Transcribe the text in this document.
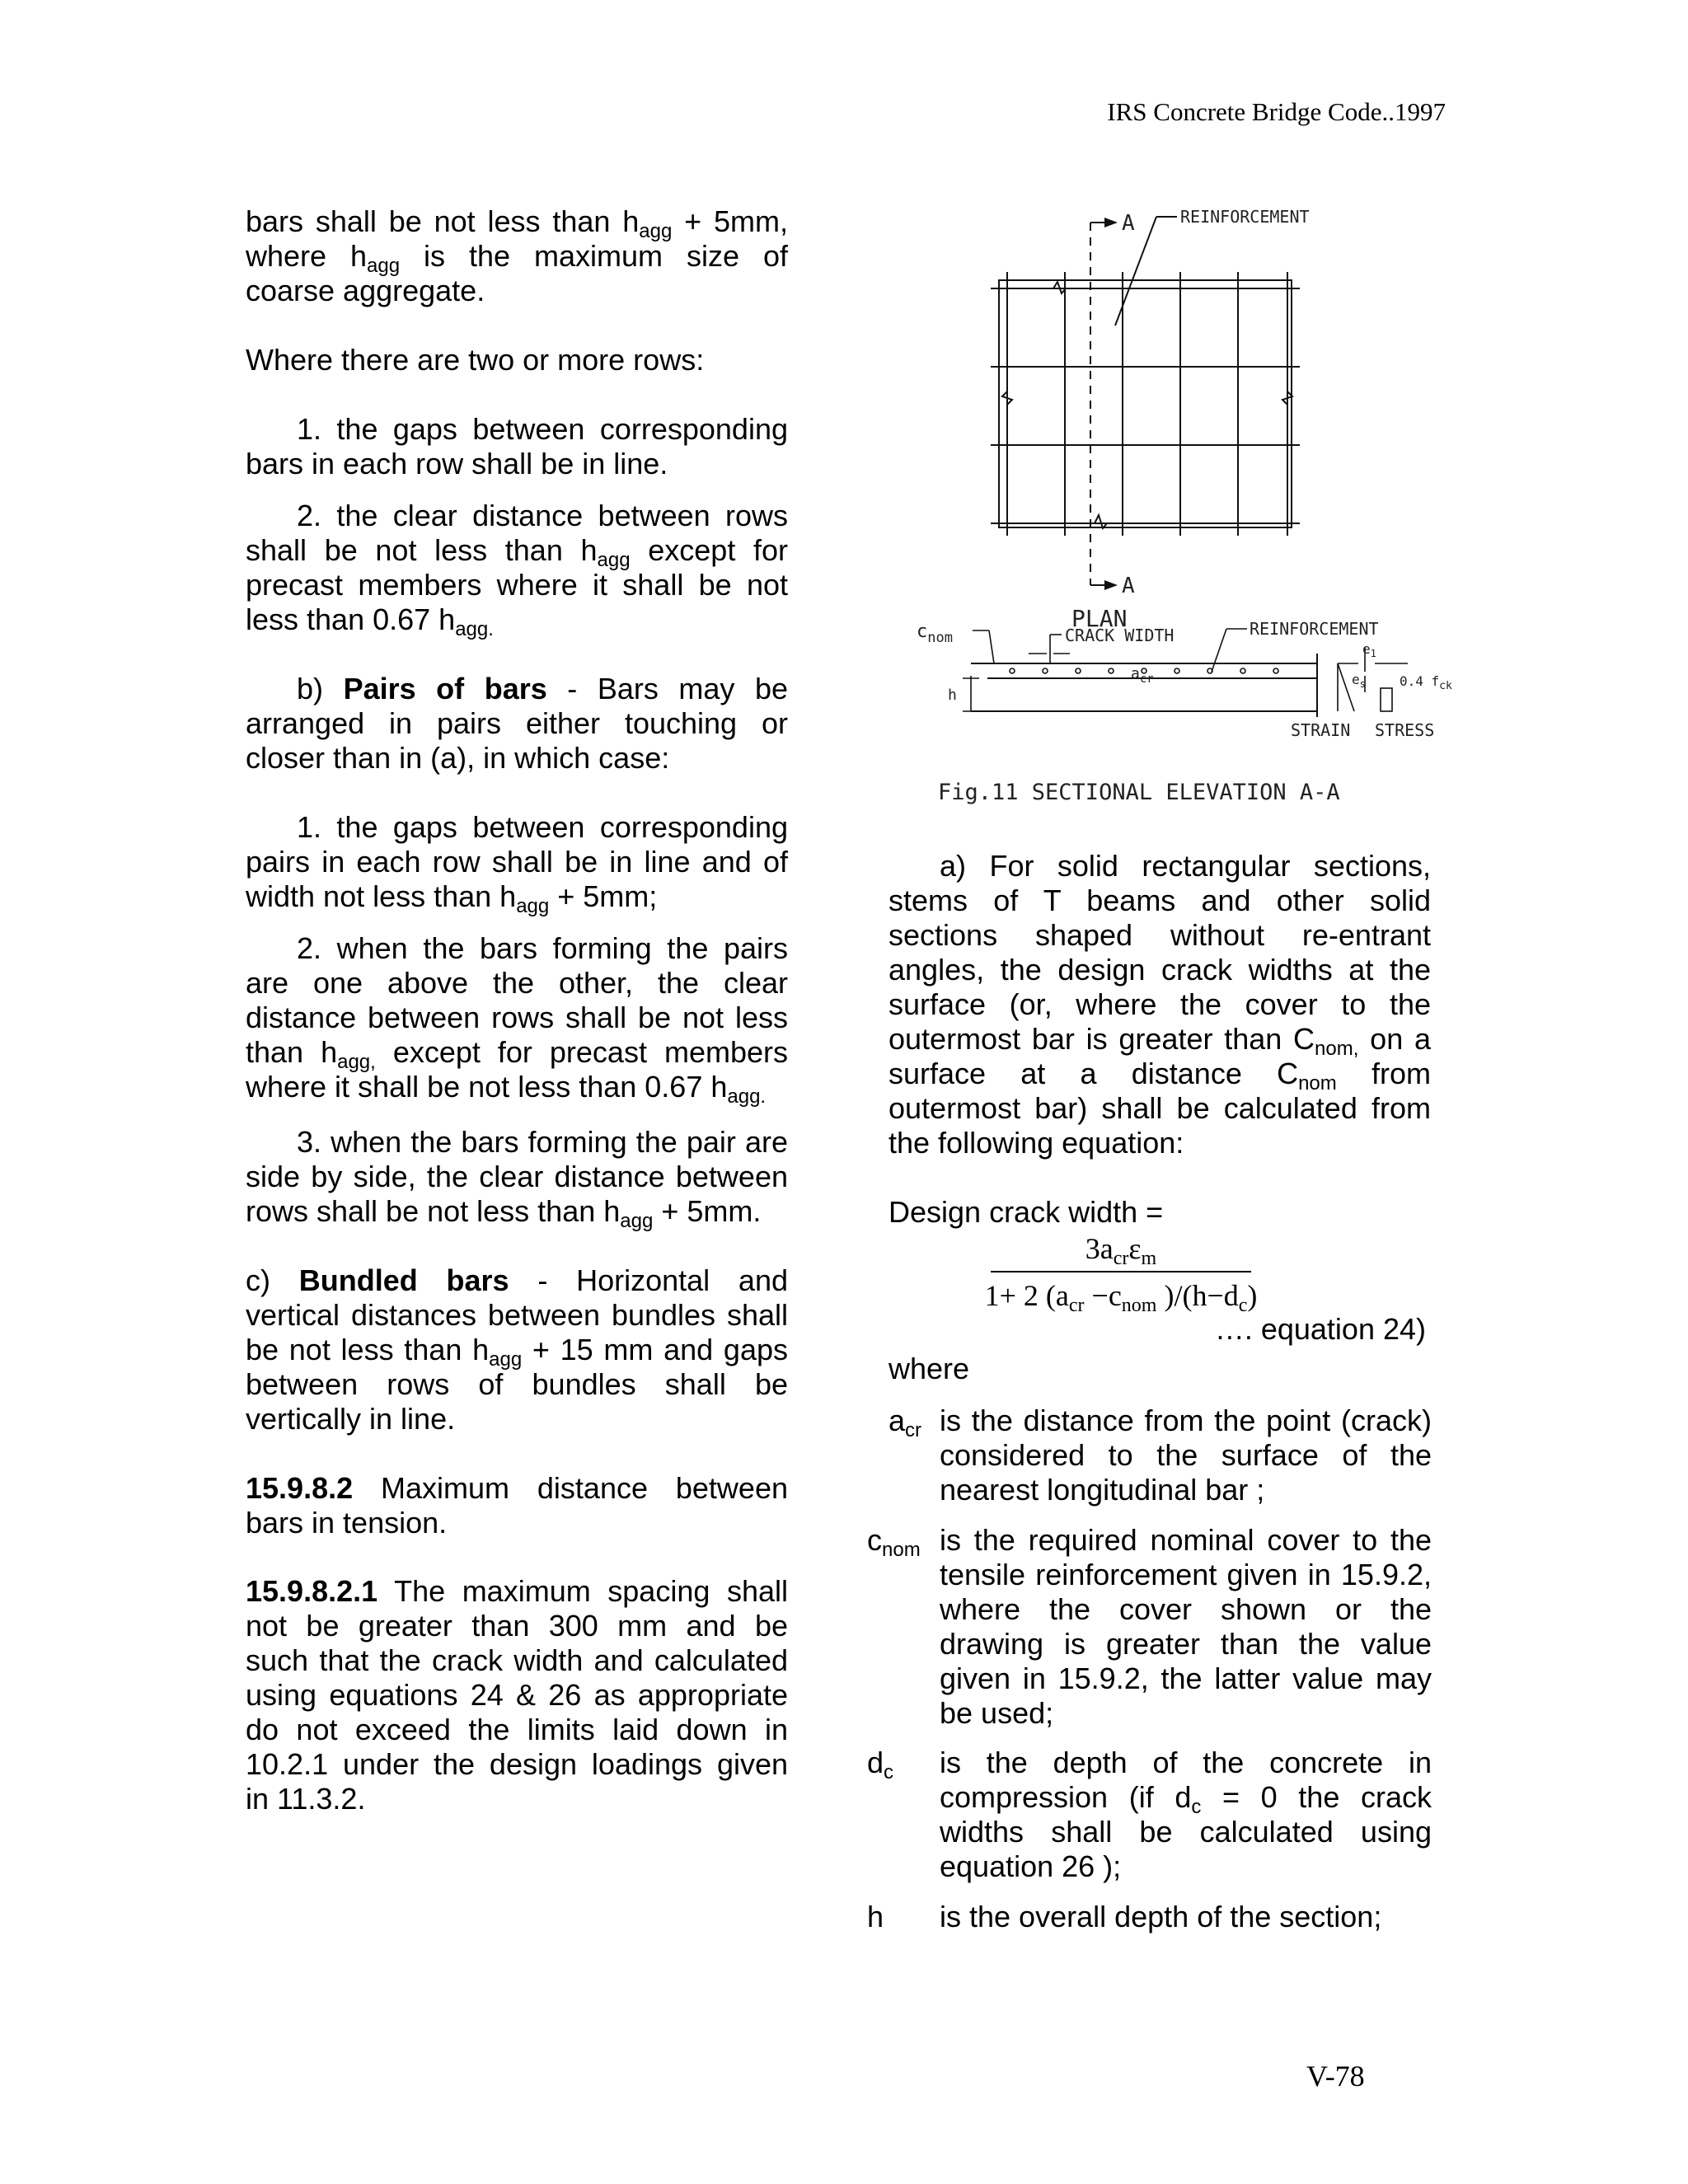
IRS Concrete Bridge Code..1997

bars shall be not less than $h_{agg} + 5mm$,

where $h_{agg}$ is the maximum size of

coarse aggregate.

Where there are two or more rows:

1. the gaps between corresponding

bars in each row shall be in line.

2. the clear distance between rows

shall be not less than $h_{agg}$ except for

precast members where it shall be not

less than 0.67 $h_{agg.}$

b) Pairs of bars - Bars may be

arranged in pairs either touching or

closer than in (a), in which case:

1. the gaps between corresponding

pairs in each row shall be in line and of

width not less than $h_{agg} + 5mm$;

2. when the bars forming the pairs

are one above the other, the clear

distance between rows shall be not less

than $h_{agg,}$ except for precast members

where it shall be not less than 0.67 $h_{agg.}$

3. when the bars forming the pair are

side by side, the clear distance between

rows shall be not less than $h_{agg} + 5mm$.

c) Bundled bars - Horizontal and

vertical distances between bundles shall

be not less than $h_{agg} + 15$ mm and gaps

between rows of bundles shall be

vertically in line.

15.9.8.2 Maximum distance between

bars in tension.

15.9.8.2.1 The maximum spacing shall

not be greater than 300 mm and be

such that the crack width and calculated

using equations 24 & 26 as appropriate

do not exceed the limits laid down in

10.2.1 under the design loadings given

in 11.3.2.

A
A
REINFORCEMENT
PLAN
$c_{nom}$	CRACK WIDTH	REINFORCEMENT
h
$a_{cr}$
$e_1$
$e_s$	0.4 $f_{ck}$
STRAIN STRESS
Fig.11 SECTIONAL ELEVATION A-A

a) For solid rectangular sections,

stems of T beams and other solid

sections shaped without re-entrant

angles, the design crack widths at the

surface (or, where the cover to the

outermost bar is greater than $C_{nom,}$ on a

surface at a distance $C_{nom}$ from

outermost bar) shall be calculated from

the following equation:

Design crack width =
$3a_{cr}\varepsilon_m$
1+ 2 ($a_{cr} -c_{nom}$ )$/(h-d_c)$
…. equation 24)
where
$a_{cr}$ is the distance from the point (crack)

considered to the surface of the

nearest longitudinal bar ;

$c_{nom}$ is the required nominal cover to the

tensile reinforcement given in 15.9.2,

where the cover shown or the

drawing is greater than the value

given in 15.9.2, the latter value may

be used;

$d_c$	is the depth of the concrete in

compression (if $d_c = 0$ the crack

widths shall be calculated using

equation 26 );

h	is the overall depth of the section;
V-78
